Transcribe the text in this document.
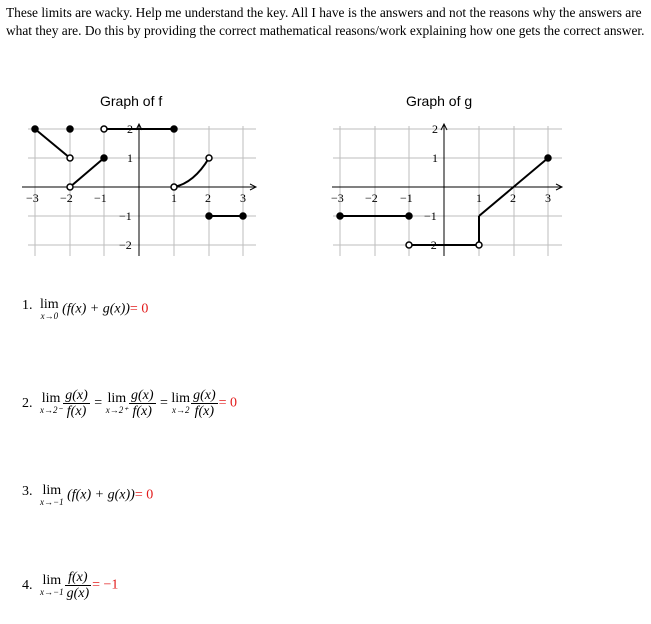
These limits are wacky. Help me understand the key. All I have is the answers and not the reasons why the answers are what they are. Do this by providing the correct mathematical reasons/work explaining how one gets the correct answer.

Graph of f
−3 −2 −1	1 2 3
2
1
−1
−2
Graph of g
−3 −2 −1	1 2 3
2
1
−1
−2
1. lim
x→0 (f(x) + g(x))= 0
2. lim
$x\to 2^- \frac{g(x)}{f(x)} = \lim$
$x\to 2^+ \frac{g(x)}{f(x)} = \lim$
$x\to 2 \frac{g(x)}{f(x)} = 0$
3. lim
x→−1 (f(x) + g(x))= 0
4. lim
$x\to-1 \frac{f(x)}{g(x)} = -1$
